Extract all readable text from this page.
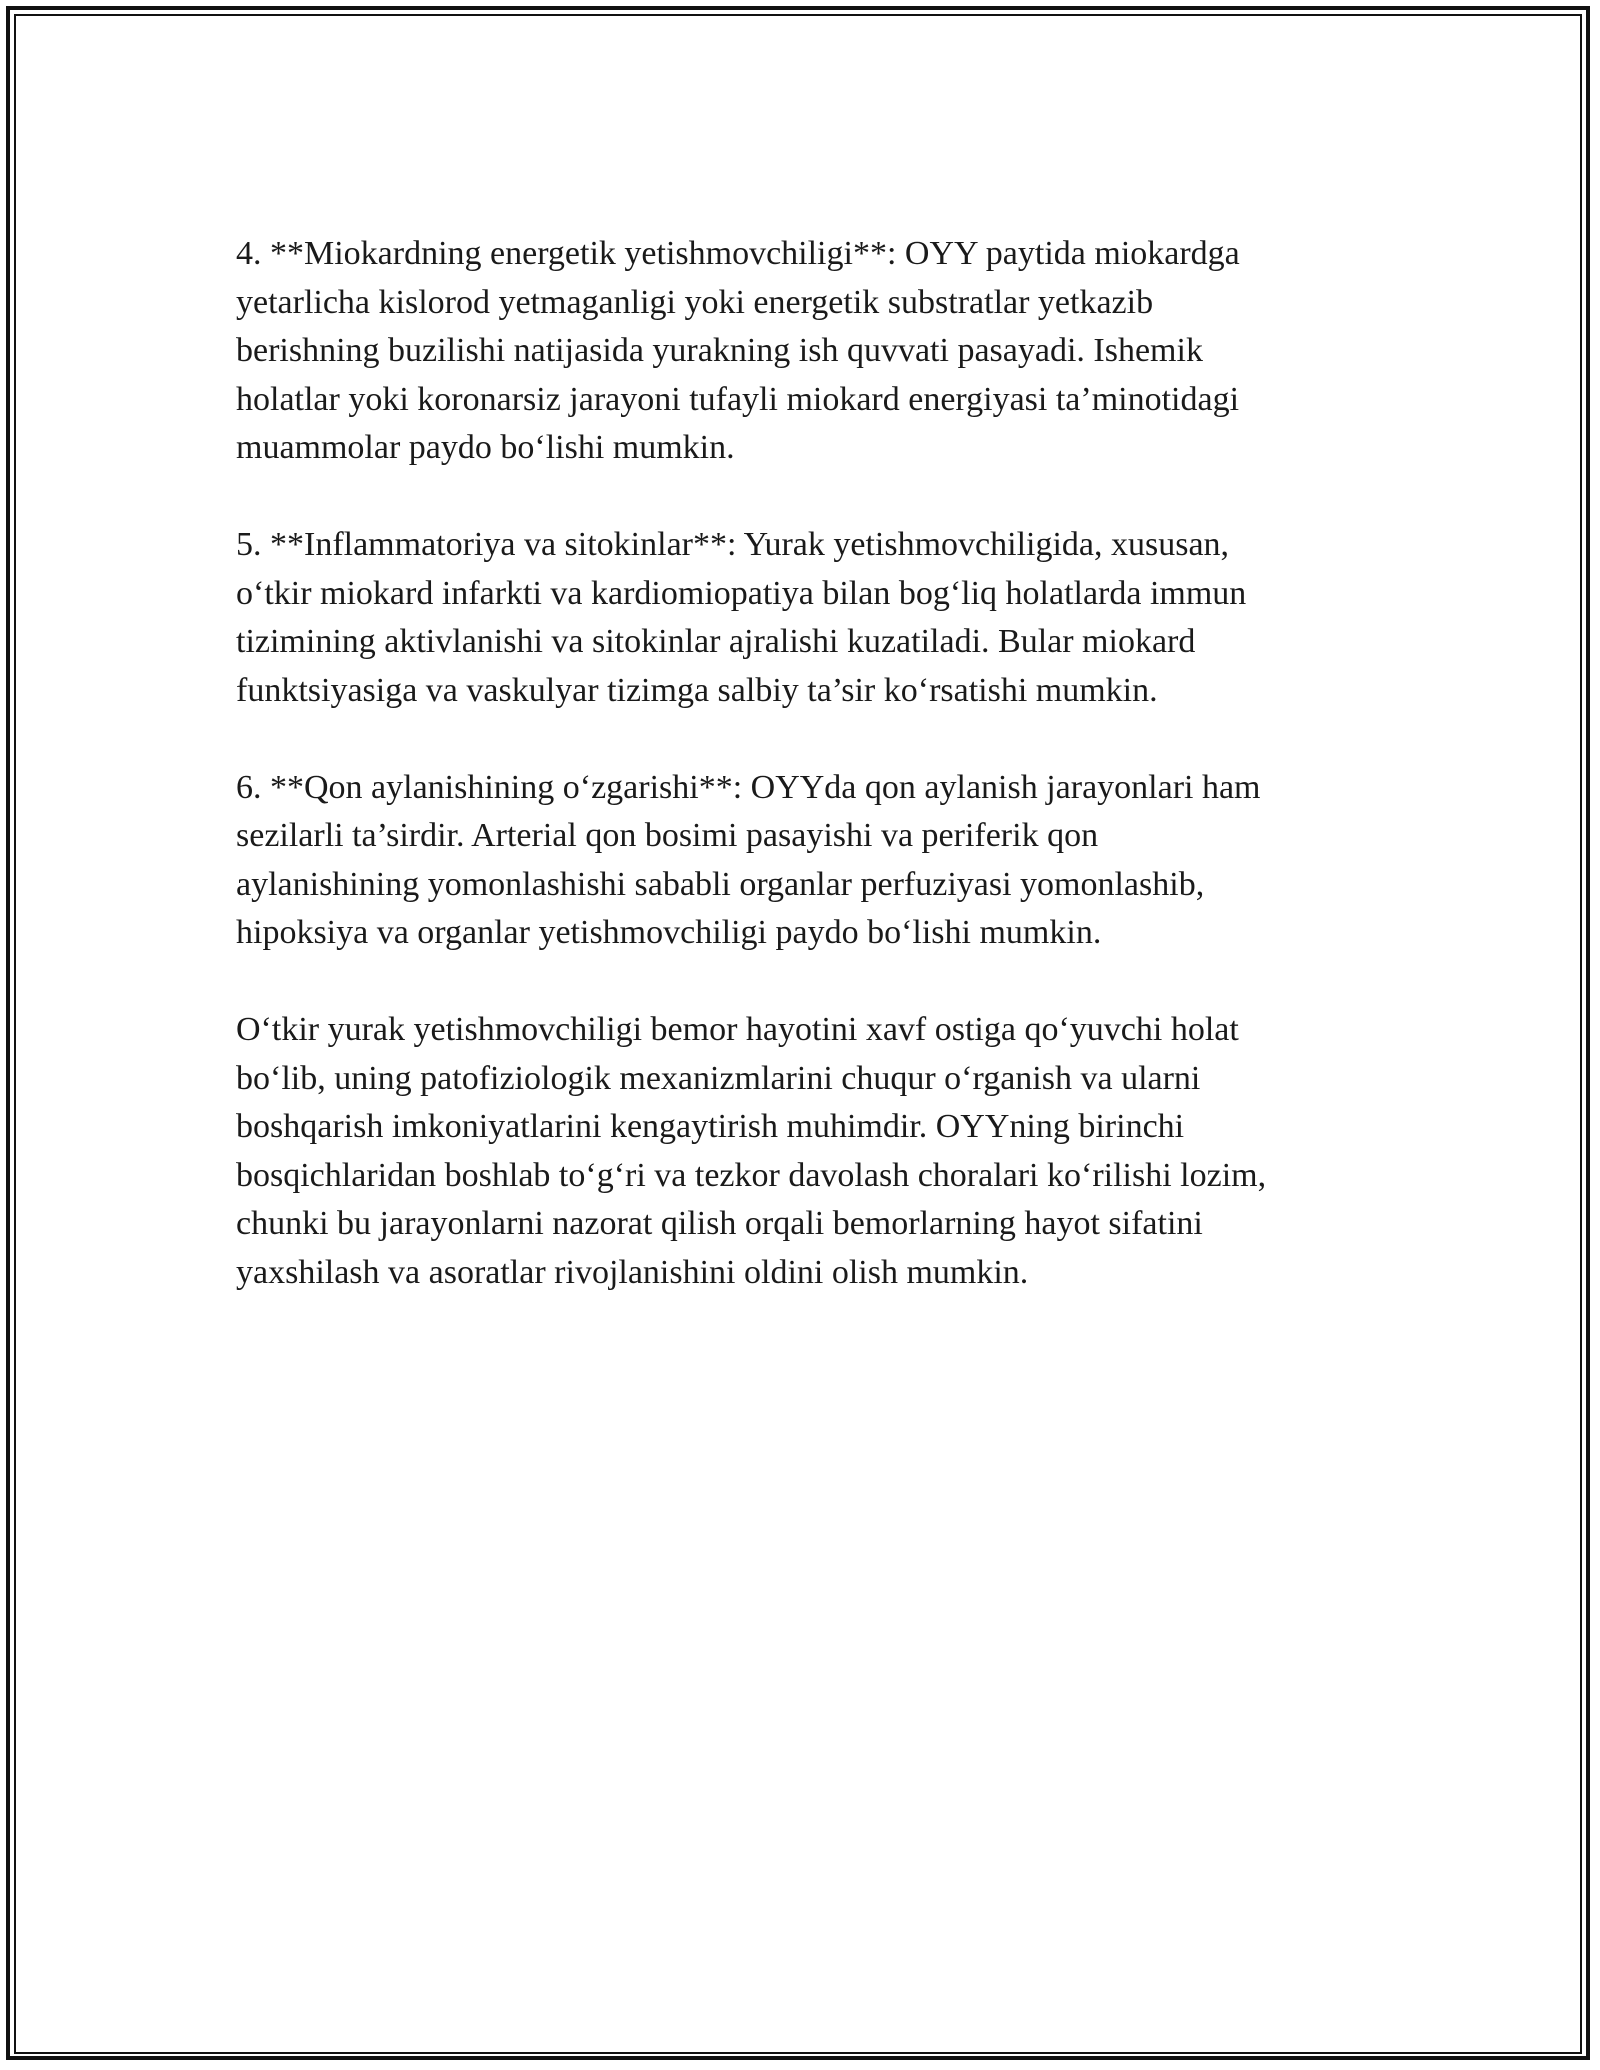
4. **Miokardning energetik yetishmovchiligi**: OYY paytida miokardga
yetarlicha kislorod yetmaganligi yoki energetik substratlar yetkazib
berishning buzilishi natijasida yurakning ish quvvati pasayadi. Ishemik
holatlar yoki koronarsiz jarayoni tufayli miokard energiyasi ta’minotidagi
muammolar paydo boʻlishi mumkin.

5. **Inflammatoriya va sitokinlar**: Yurak yetishmovchiligida, xususan,
oʻtkir miokard infarkti va kardiomiopatiya bilan bogʻliq holatlarda immun
tizimining aktivlanishi va sitokinlar ajralishi kuzatiladi. Bular miokard
funktsiyasiga va vaskulyar tizimga salbiy ta’sir koʻrsatishi mumkin.

6. **Qon aylanishining oʻzgarishi**: OYYda qon aylanish jarayonlari ham
sezilarli ta’sirdir. Arterial qon bosimi pasayishi va periferik qon
aylanishining yomonlashishi sababli organlar perfuziyasi yomonlashib,
hipoksiya va organlar yetishmovchiligi paydo boʻlishi mumkin.

Oʻtkir yurak yetishmovchiligi bemor hayotini xavf ostiga qoʻyuvchi holat
boʻlib, uning patofiziologik mexanizmlarini chuqur oʻrganish va ularni
boshqarish imkoniyatlarini kengaytirish muhimdir. OYYning birinchi
bosqichlaridan boshlab toʻgʻri va tezkor davolash choralari koʻrilishi lozim,
chunki bu jarayonlarni nazorat qilish orqali bemorlarning hayot sifatini
yaxshilash va asoratlar rivojlanishini oldini olish mumkin.
